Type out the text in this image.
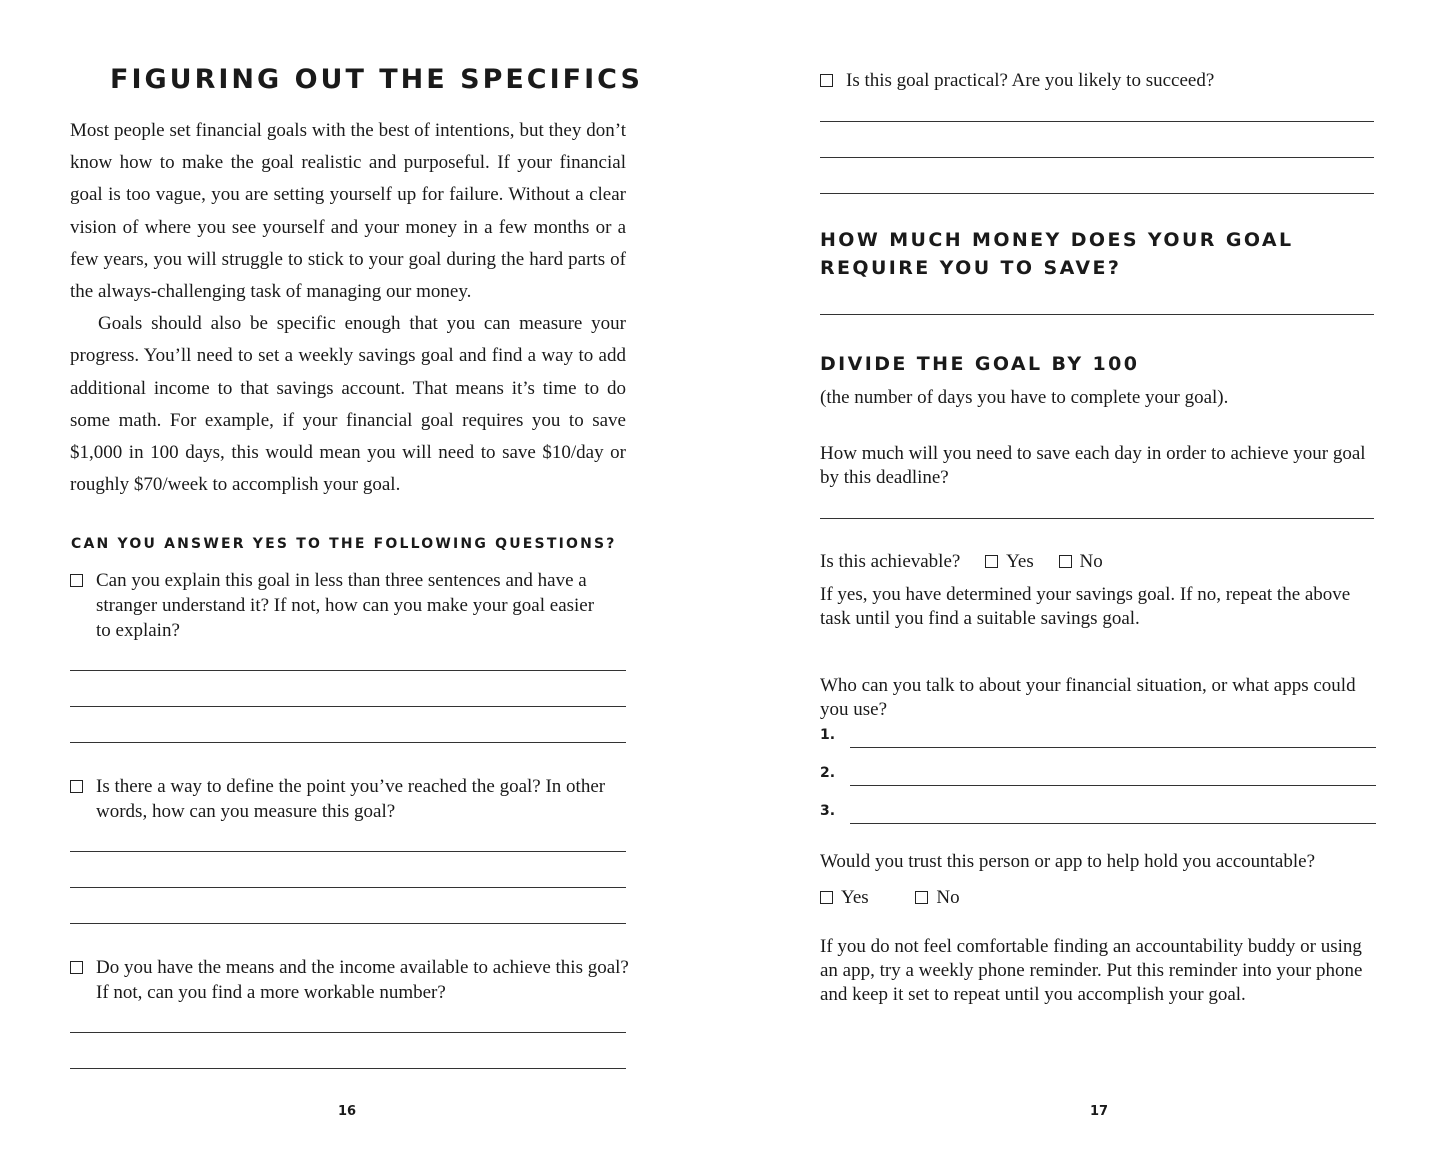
FIGURING OUT THE SPECIFICS

Most people set financial goals with the best of intentions, but they don’t know how to make the goal realistic and purposeful. If your financial goal is too vague, you are setting yourself up for failure. Without a clear vision of where you see yourself and your money in a few months or a few years, you will struggle to stick to your goal during the hard parts of the always-challenging task of managing our money.

Goals should also be specific enough that you can measure your progress. You’ll need to set a weekly savings goal and find a way to add additional income to that savings account. That means it’s time to do some math. For example, if your financial goal requires you to save $1,000 in 100 days, this would mean you will need to save $10/day or roughly $70/week to accomplish your goal.

CAN YOU ANSWER YES TO THE FOLLOWING QUESTIONS?
Can you explain this goal in less than three sentences and have a stranger understand it? If not, how can you make your goal easier to explain?
Is there a way to define the point you’ve reached the goal? In other words, how can you measure this goal?
Do you have the means and the income available to achieve this goal? If not, can you find a more workable number?
16
Is this goal practical? Are you likely to succeed?
HOW MUCH MONEY DOES YOUR GOAL REQUIRE YOU TO SAVE?
DIVIDE THE GOAL BY 100
(the number of days you have to complete your goal).
How much will you need to save each day in order to achieve your goal by this deadline?
Is this achievable? Yes No
If yes, you have determined your savings goal. If no, repeat the above task until you find a suitable savings goal.
Who can you talk to about your financial situation, or what apps could you use?
1.
2.
3.
Would you trust this person or app to help hold you accountable?
Yes	No
If you do not feel comfortable finding an accountability buddy or using an app, try a weekly phone reminder. Put this reminder into your phone and keep it set to repeat until you accomplish your goal.
17
